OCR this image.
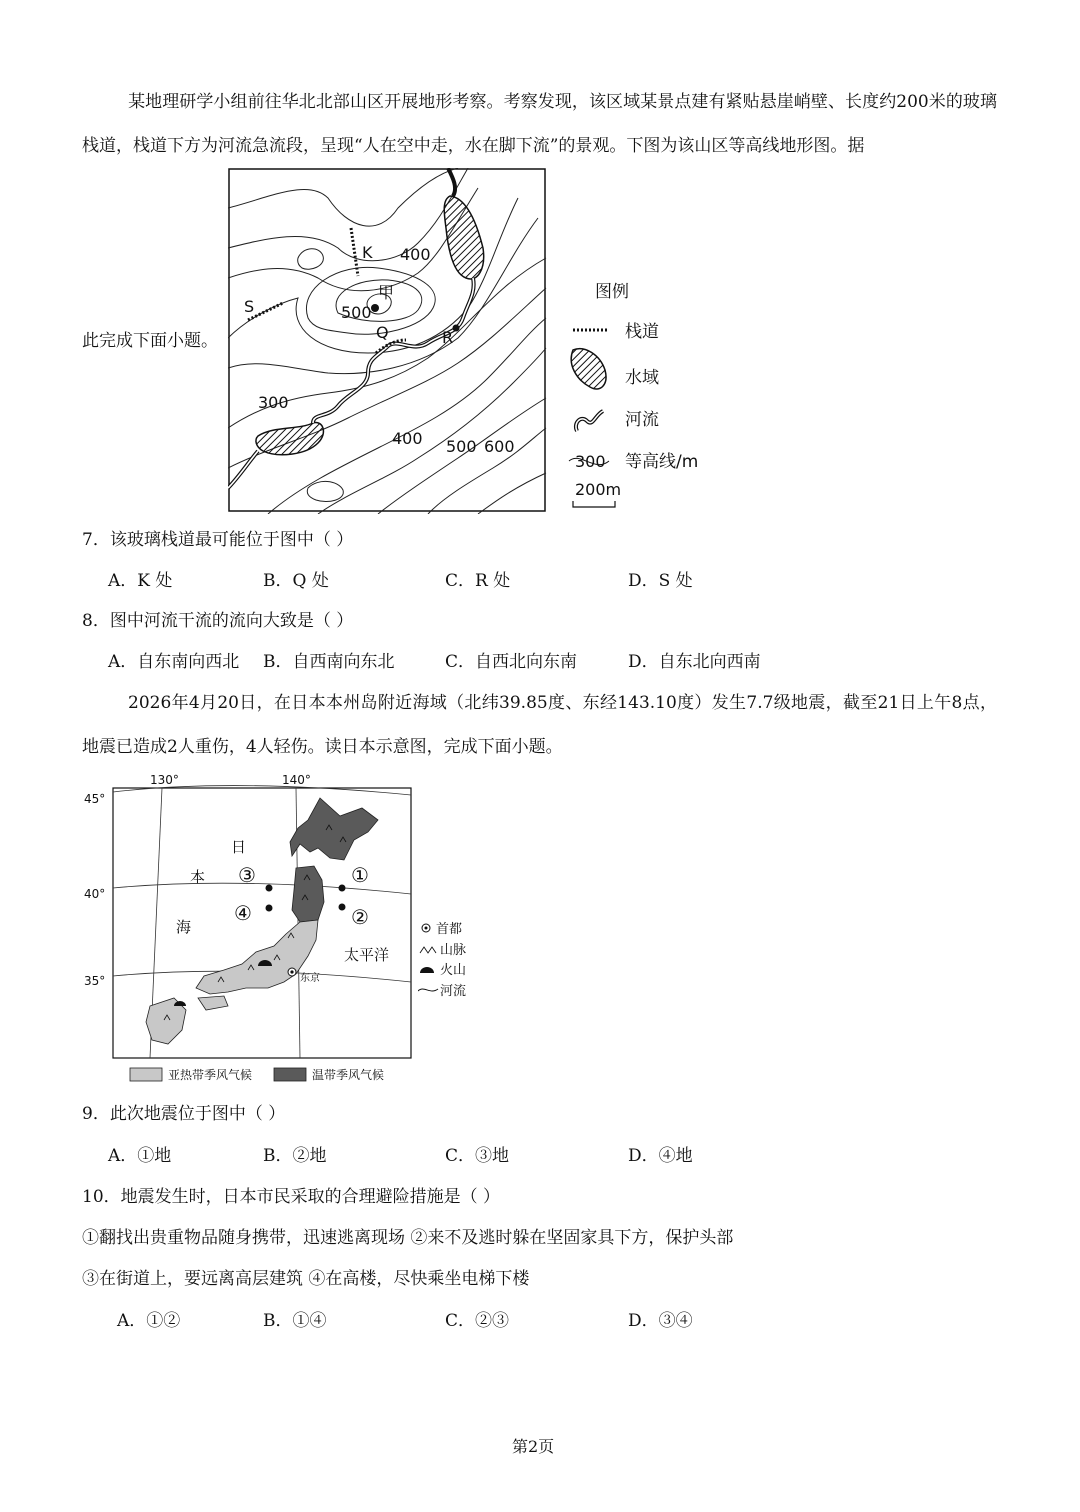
某地理研学小组前往华北北部山区开展地形考察。考察发现，该区域某景点建有紧贴悬崖峭壁、长度约200米的玻璃栈道，栈道下方为河流急流段，呈现“人在空中走，水在脚下流”的景观。下图为该山区等高线地形图。据
此完成下面小题。
K
甲
Q	R
S
400
500
300
400 500 600
图例
栈道
水域
河流
300 等高线/m
200m
7．该玻璃栈道最可能位于图中（ ）
A．K 处	B．Q 处	C．R 处	D．S 处
8．图中河流干流的流向大致是（ ）
A．自东南向西北 B．自西南向东北	C．自西北向东南	D．自东北向西南
2026年4月20日，在日本本州岛附近海域（北纬39.85度、东经143.10度）发生7.7级地震，截至21日上午8点，地震已造成2人重伤，4人轻伤。读日本示意图，完成下面小题。
130°	140°
45°
40°
35°	东京
①
②
③
④
日
本
海
太平洋
亚热带季风气候	温带季风气候
首都
山脉
火山
河流
9．此次地震位于图中（ ）
A．①地	B．②地	C．③地	D．④地
10．地震发生时，日本市民采取的合理避险措施是（ ）
①翻找出贵重物品随身携带，迅速逃离现场 ②来不及逃时躲在坚固家具下方，保护头部
③在街道上，要远离高层建筑 ④在高楼，尽快乘坐电梯下楼
A．①②	B．①④	C．②③	D．③④
第2页
